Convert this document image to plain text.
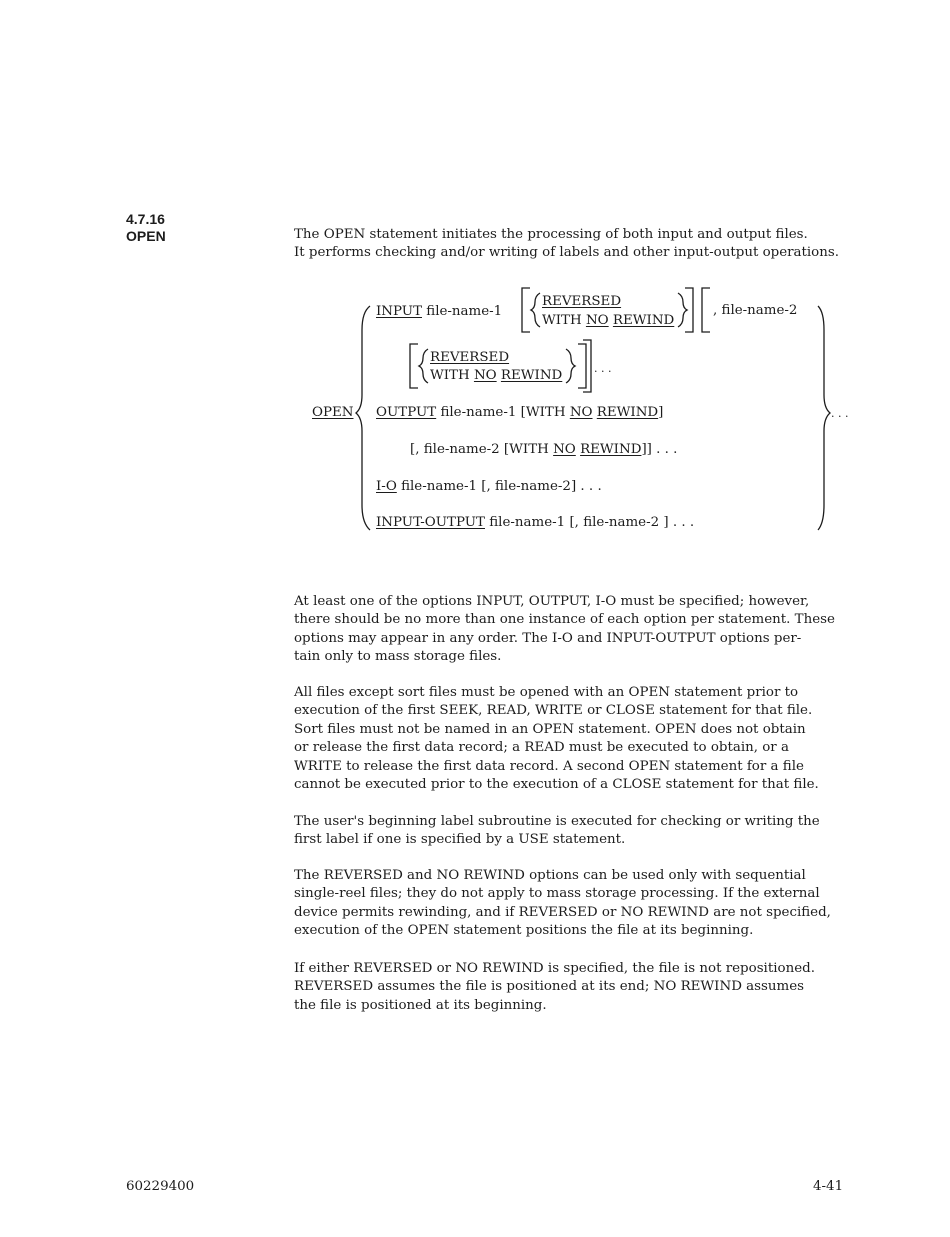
4.7.16
OPEN	The OPEN statement initiates the processing of both input and output files.
It performs checking and/or writing of labels and other input-output operations.

INPUT file-name-1
REVERSED
WITH NO REWIND
, file-name-2
REVERSED
WITH NO REWIND	. . .
OPEN OUTPUT file-name-1 [WITH NO REWIND]	. . .
[, file-name-2 [WITH NO REWIND]] . . .
I-O file-name-1 [, file-name-2] . . .
INPUT-OUTPUT file-name-1 [, file-name-2 ] . . .

At least one of the options INPUT, OUTPUT, I-O must be specified; however,
there should be no more than one instance of each option per statement. These
options may appear in any order. The I-O and INPUT-OUTPUT options per-
tain only to mass storage files.

All files except sort files must be opened with an OPEN statement prior to
execution of the first SEEK, READ, WRITE or CLOSE statement for that file.
Sort files must not be named in an OPEN statement. OPEN does not obtain
or release the first data record; a READ must be executed to obtain, or a
WRITE to release the first data record. A second OPEN statement for a file
cannot be executed prior to the execution of a CLOSE statement for that file.

The user's beginning label subroutine is executed for checking or writing the
first label if one is specified by a USE statement.

The REVERSED and NO REWIND options can be used only with sequential
single-reel files; they do not apply to mass storage processing. If the external
device permits rewinding, and if REVERSED or NO REWIND are not specified,
execution of the OPEN statement positions the file at its beginning.

If either REVERSED or NO REWIND is specified, the file is not repositioned.
REVERSED assumes the file is positioned at its end; NO REWIND assumes
the file is positioned at its beginning.

60229400	4-41
